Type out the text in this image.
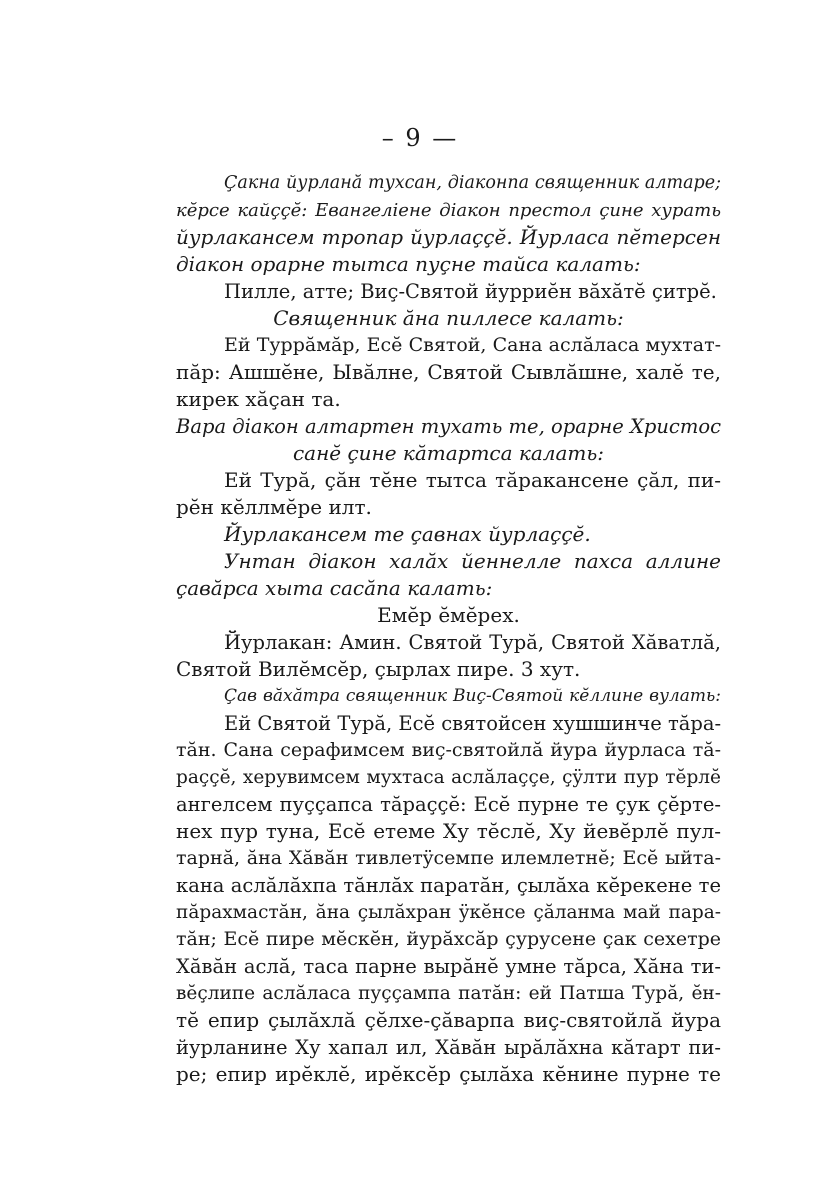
– 9 —
Çакна йурланă тухсан, діаконпа священник алтаре;
кĕрсе кайççĕ: Евангеліене діакон престол çине хурать
йурлакансем тропар йурлаççĕ. Йурласа пĕтерсен
діакон орарне тытса пуçне тайса калать:
Пилле, атте; Виç-Святой йурриĕн вăхăтĕ çитрĕ.
Священник ăна пиллесе калать:
Ей Туррăмăр, Есĕ Святой, Сана аслăласа мухтат-
пăр: Ашшĕне, Ывăлне, Святой Сывлăшне, халĕ те,
кирек хăçан та.
Вара діакон алтартен тухать те, орарне Христос
санĕ çине кăтартса калать:
Ей Турă, çăн тĕне тытса тăракансене çăл, пи-
рĕн кĕллмĕре илт.
Йурлакансем те çавнах йурлаççĕ.
Унтан діакон халăх йеннелле пахса аллине
çавăрса хыта сасăпа калать:
Емĕр ĕмĕрех.
Йурлакан: Амин. Святой Турă, Святой Хăватлă,
Святой Вилĕмсĕр, çырлах пире. 3 хут.
Çав вăхăтра священник Виç-Святой кĕллине вулать:
Ей Святой Турă, Есĕ святойсен хушшинче тăра-
тăн. Сана серафимсем виç-святойлă йура йурласа тă-
раççĕ, херувимсем мухтаса аслăлаççе, çÿлти пур тĕрлĕ
ангелсем пуççапса тăраççĕ: Есĕ пурне те çук çĕрте-
нех пур туна, Есĕ етеме Ху тĕслĕ, Ху йевĕрлĕ пул-
тарнă, ăна Хăвăн тивлетÿсемпе илемлетнĕ; Есĕ ыйта-
кана аслăлăхпа тăнлăх паратăн, çылăха кĕрекене те
пăрахмастăн, ăна çылăхран ÿкĕнсе çăланма май пара-
тăн; Есĕ пире мĕскĕн, йурăхсăр çурусене çак сехетре
Хăвăн аслă, таса парне вырăнĕ умне тăрса, Хăна ти-
вĕçлипе аслăласа пуççампа патăн: ей Патша Турă, ĕн-
тĕ епир çылăхлă çĕлхе-çăварпа виç-святойлă йура
йурланине Ху хапал ил, Хăвăн ырăлăхна кăтарт пи-
ре; епир ирĕклĕ, ирĕксĕр çылăха кĕнине пурне те
